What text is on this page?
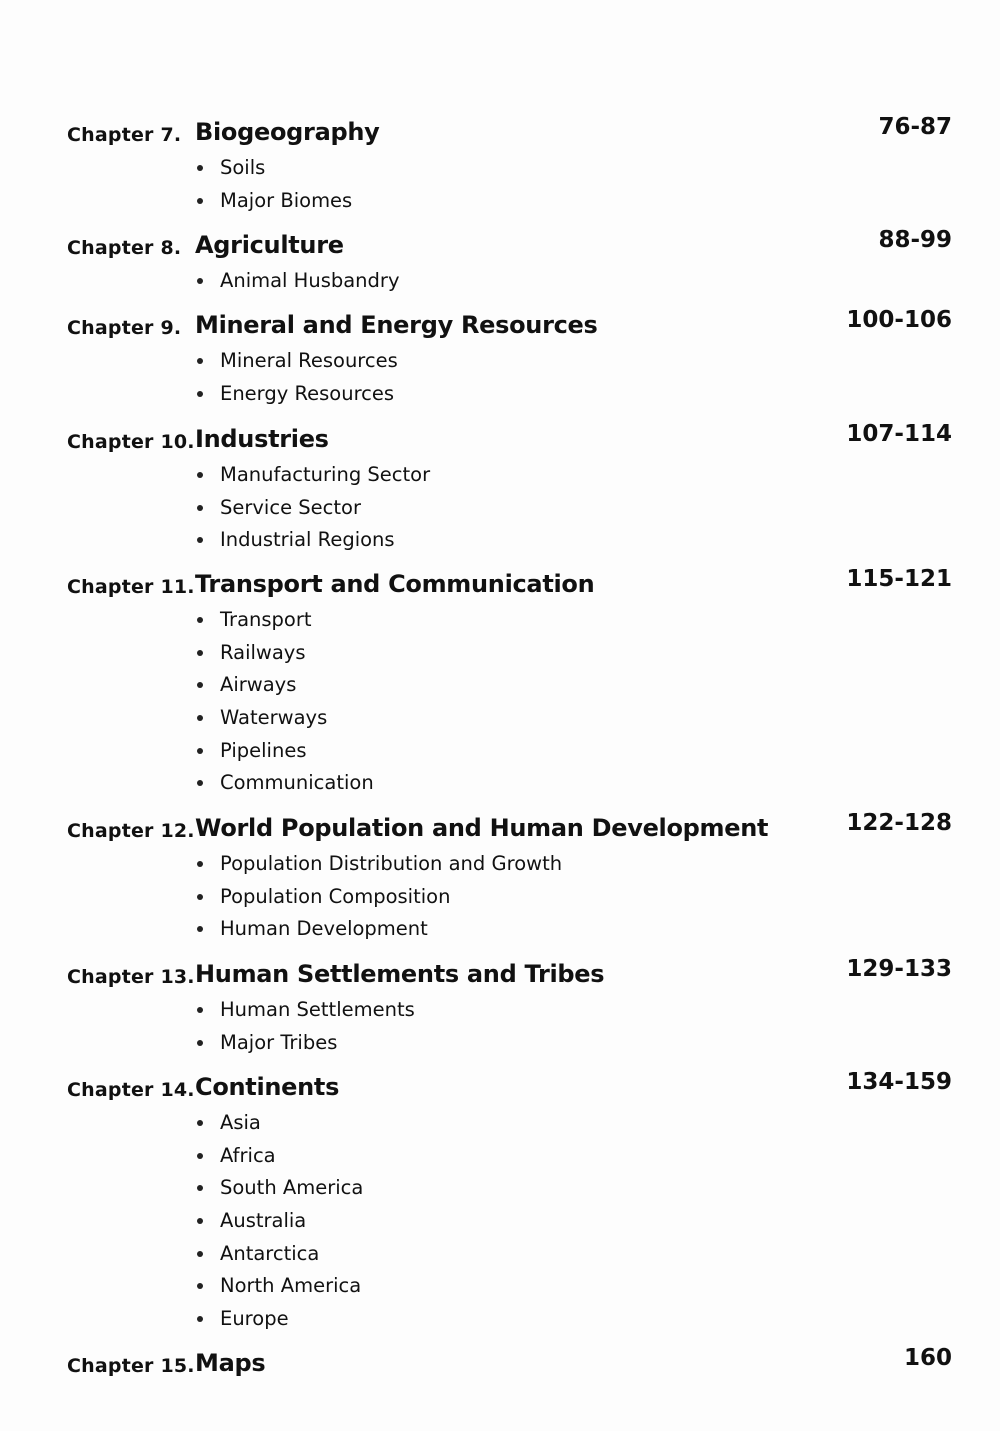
Chapter 7. Biogeography	76-87
Soils
Major Biomes
Chapter 8. Agriculture	88-99
Animal Husbandry
Chapter 9. Mineral and Energy Resources	100-106
Mineral Resources
Energy Resources
Chapter 10. Industries	107-114
Manufacturing Sector
Service Sector
Industrial Regions
Chapter 11. Transport and Communication	115-121
Transport
Railways
Airways
Waterways
Pipelines
Communication
Chapter 12. World Population and Human Development	122-128
Population Distribution and Growth
Population Composition
Human Development
Chapter 13. Human Settlements and Tribes	129-133
Human Settlements
Major Tribes
Chapter 14. Continents	134-159
Asia
Africa
South America
Australia
Antarctica
North America
Europe
Chapter 15. Maps	160
